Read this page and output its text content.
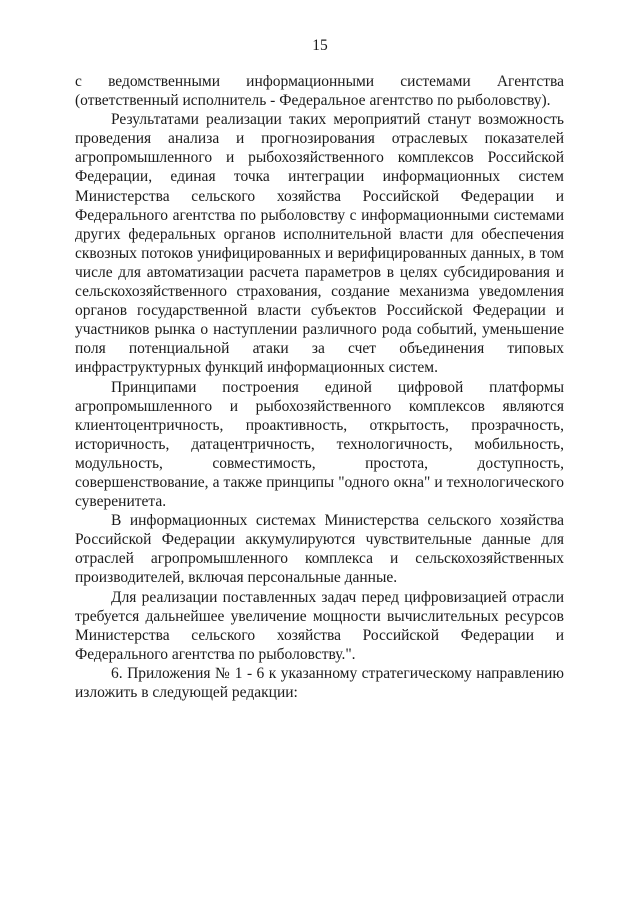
15

с ведомственными информационными системами Агентства (ответственный исполнитель - Федеральное агентство по рыболовству).

Результатами реализации таких мероприятий станут возможность проведения анализа и прогнозирования отраслевых показателей агропромышленного и рыбохозяйственного комплексов Российской Федерации, единая точка интеграции информационных систем Министерства сельского хозяйства Российской Федерации и Федерального агентства по рыболовству с информационными системами других федеральных органов исполнительной власти для обеспечения сквозных потоков унифицированных и верифицированных данных, в том числе для автоматизации расчета параметров в целях субсидирования и сельскохозяйственного страхования, создание механизма уведомления органов государственной власти субъектов Российской Федерации и участников рынка о наступлении различного рода событий, уменьшение поля потенциальной атаки за счет объединения типовых инфраструктурных функций информационных систем.

Принципами построения единой цифровой платформы агропромышленного и рыбохозяйственного комплексов являются клиентоцентричность, проактивность, открытость, прозрачность, историчность, датацентричность, технологичность, мобильность, модульность, совместимость, простота, доступность, совершенствование, а также принципы "одного окна" и технологического суверенитета.

В информационных системах Министерства сельского хозяйства Российской Федерации аккумулируются чувствительные данные для отраслей агропромышленного комплекса и сельскохозяйственных производителей, включая персональные данные.

Для реализации поставленных задач перед цифровизацией отрасли требуется дальнейшее увеличение мощности вычислительных ресурсов Министерства сельского хозяйства Российской Федерации и Федерального агентства по рыболовству.".

6. Приложения № 1 - 6 к указанному стратегическому направлению изложить в следующей редакции:
